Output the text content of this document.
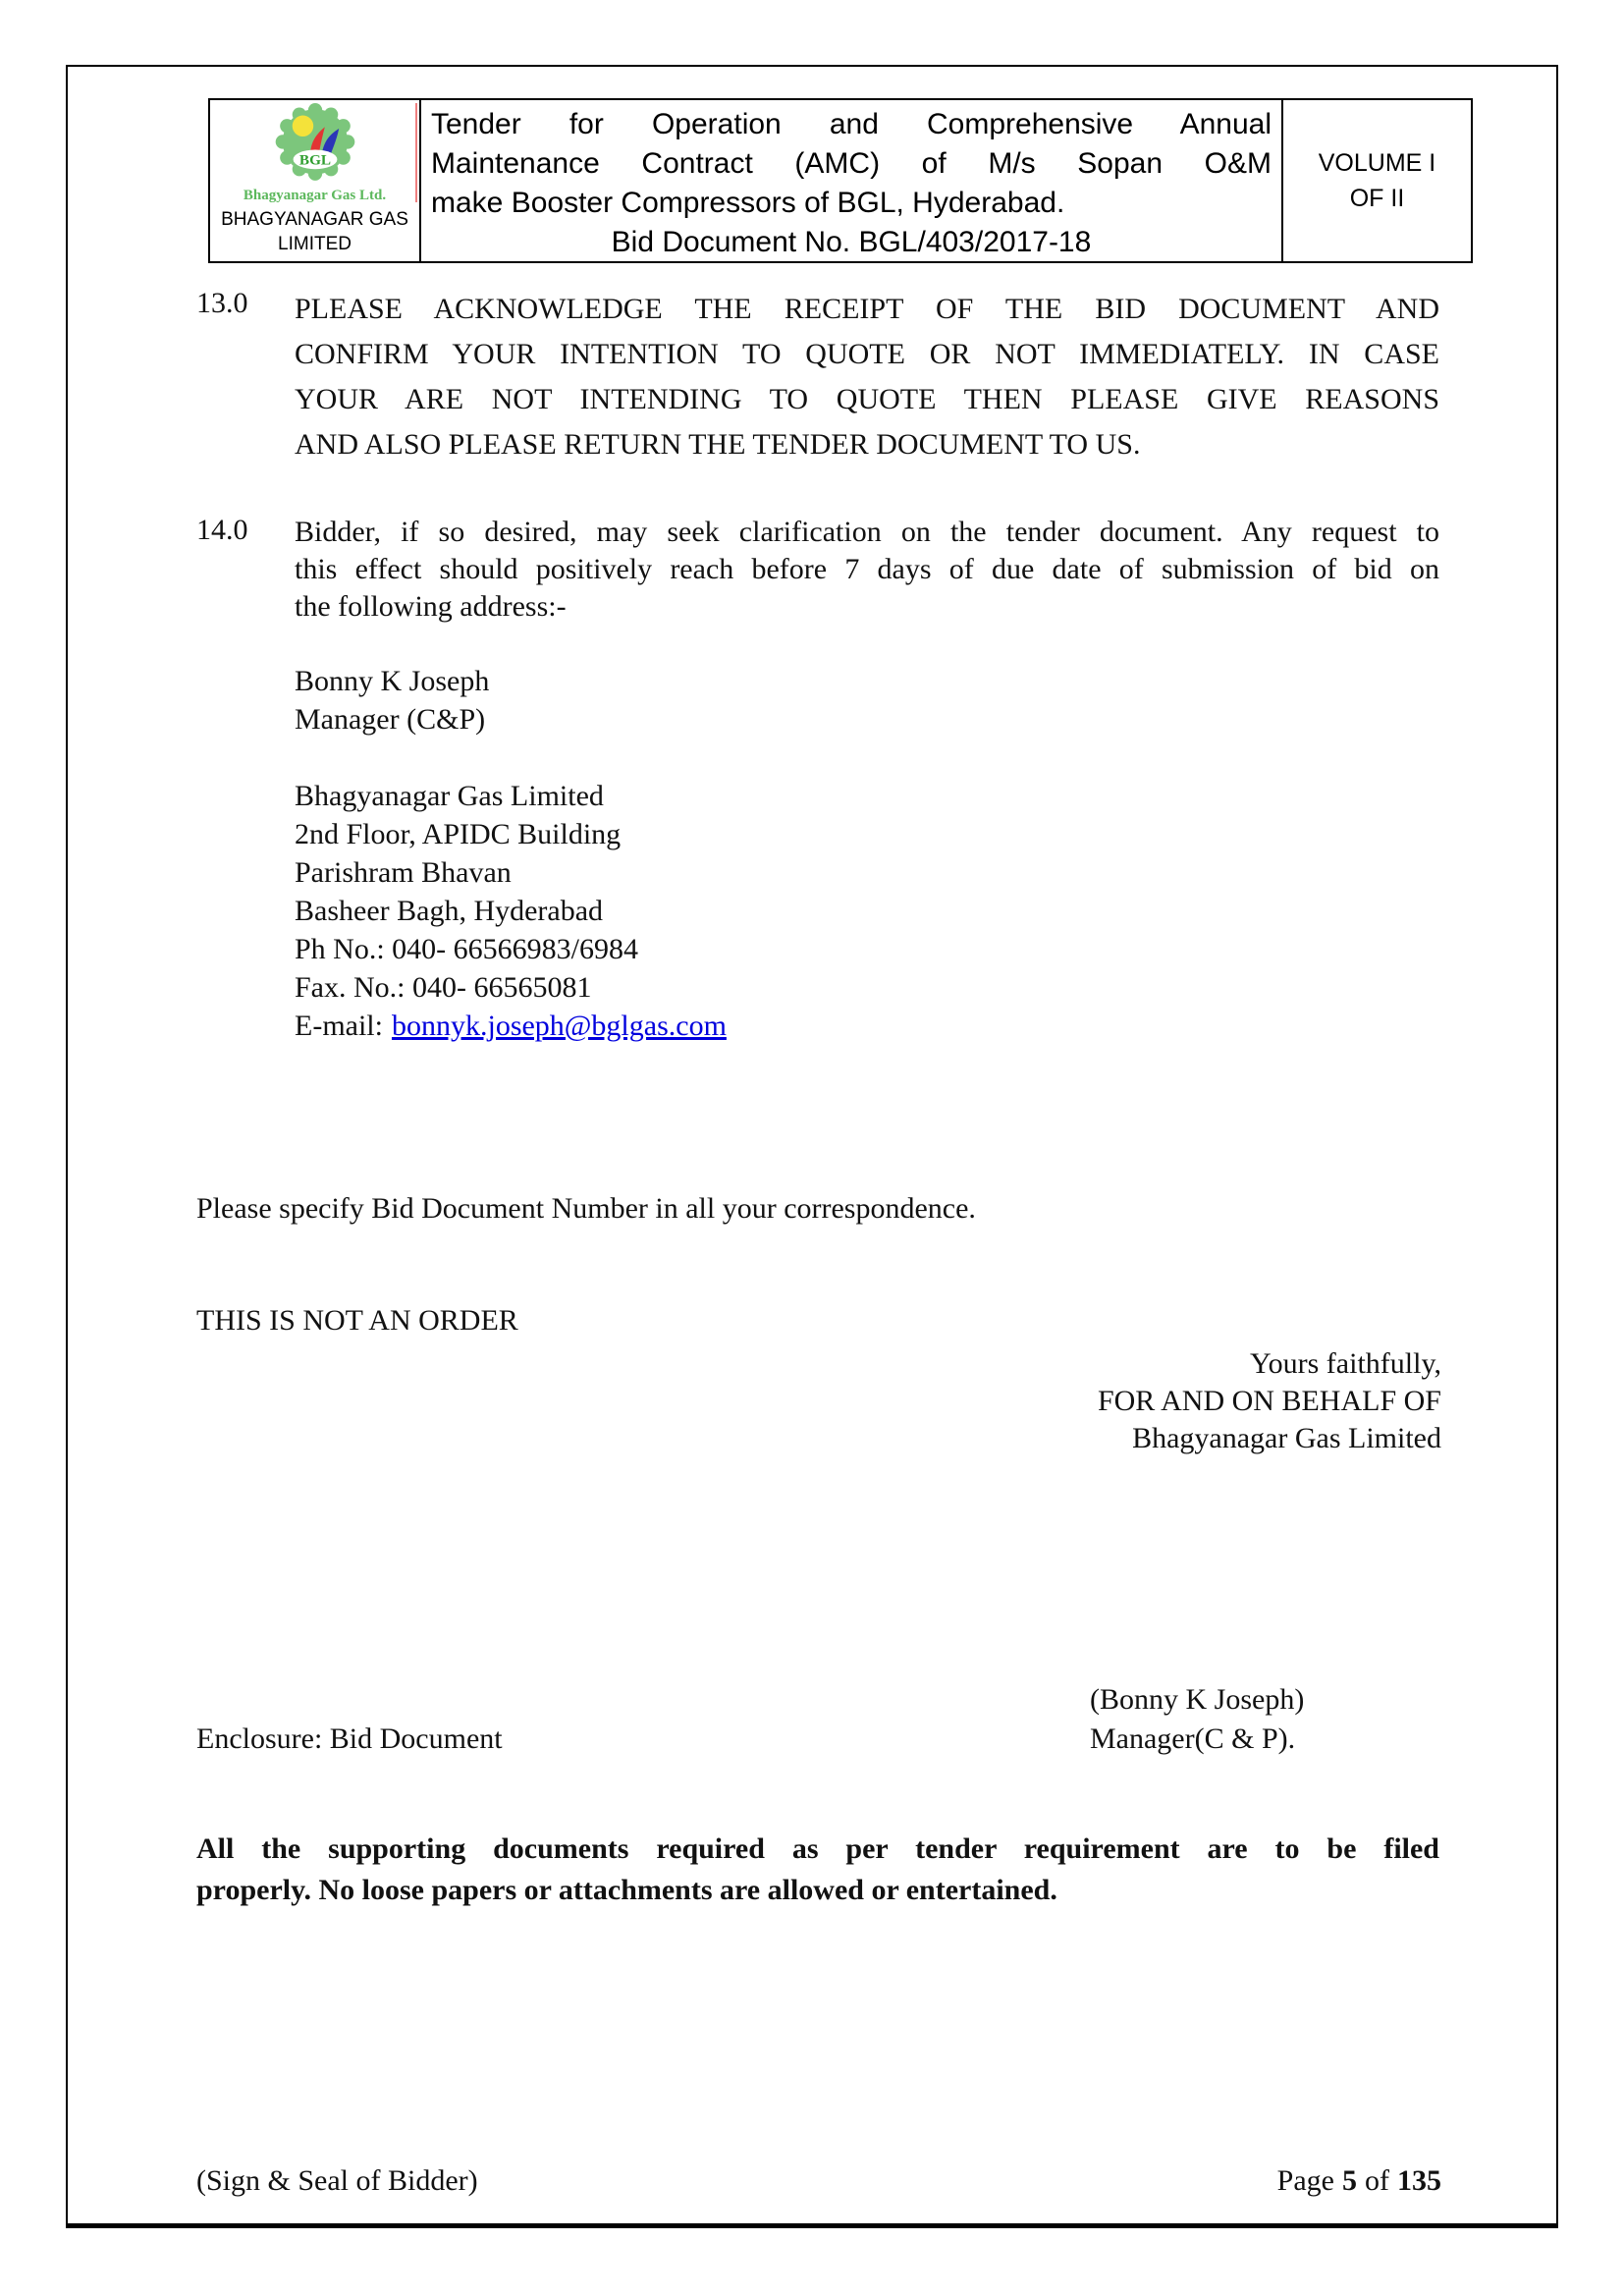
BGL
Bhagyanagar Gas Ltd.
BHAGYANAGAR GAS
LIMITED
Tender for Operation and Comprehensive Annual
Maintenance Contract (AMC) of M/s Sopan O&M
make Booster Compressors of BGL, Hyderabad.
Bid Document No. BGL/403/2017-18
VOLUME I
OF II
13.0 PLEASE ACKNOWLEDGE THE RECEIPT OF THE BID DOCUMENT AND
CONFIRM YOUR INTENTION TO QUOTE OR NOT IMMEDIATELY. IN CASE
YOUR ARE NOT INTENDING TO QUOTE THEN PLEASE GIVE REASONS
AND ALSO PLEASE RETURN THE TENDER DOCUMENT TO US.
14.0 Bidder, if so desired, may seek clarification on the tender document. Any request to
this effect should positively reach before 7 days of due date of submission of bid on
the following address:-
Bonny K Joseph
Manager (C&P)
Bhagyanagar Gas Limited
2nd Floor, APIDC Building
Parishram Bhavan
Basheer Bagh, Hyderabad
Ph No.: 040- 66566983/6984
Fax. No.: 040- 66565081
E-mail: bonnyk.joseph@bglgas.com
Please specify Bid Document Number in all your correspondence.
THIS IS NOT AN ORDER
Yours faithfully,
FOR AND ON BEHALF OF
Bhagyanagar Gas Limited
(Bonny K Joseph)
Manager(C & P).
Enclosure: Bid Document
All the supporting documents required as per tender requirement are to be filed
properly. No loose papers or attachments are allowed or entertained.
(Sign & Seal of Bidder)	Page 5 of 135
